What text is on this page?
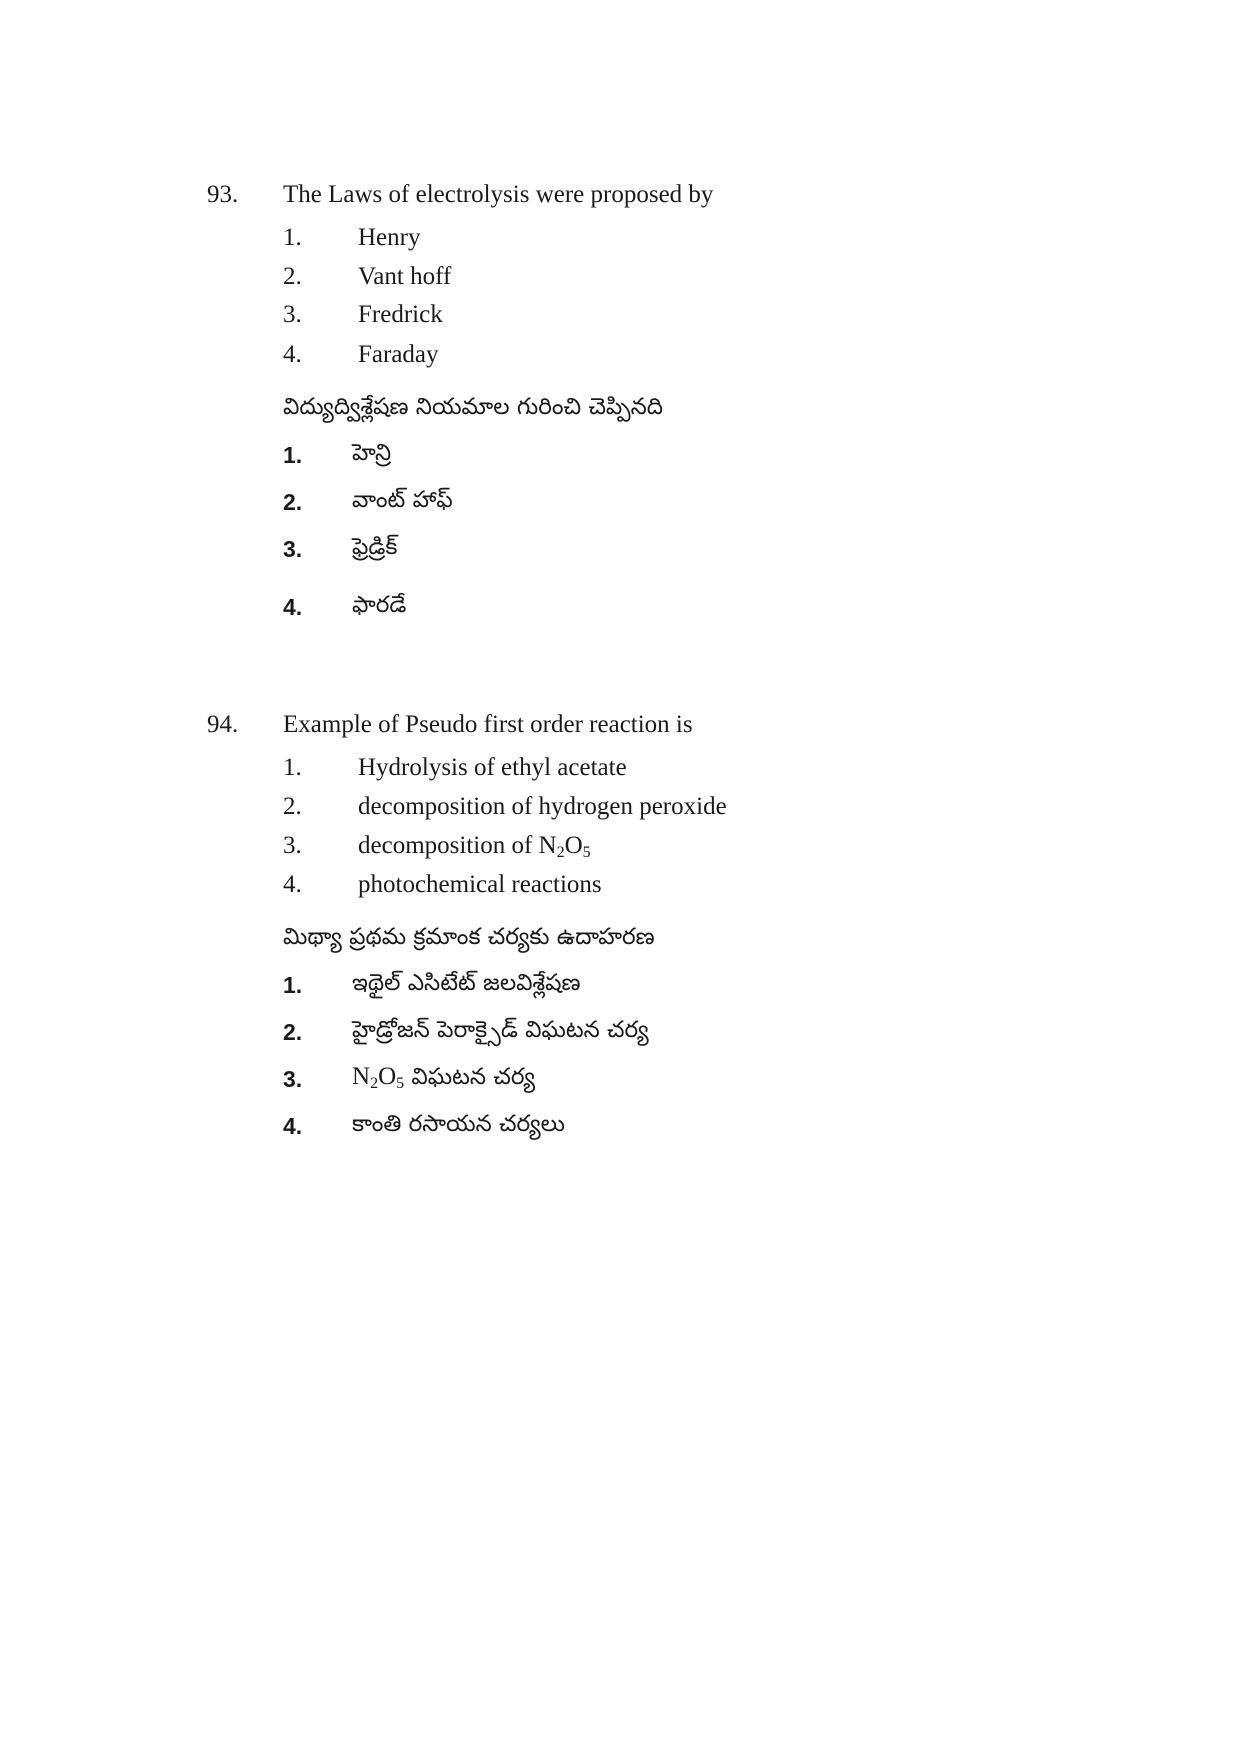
93. The Laws of electrolysis were proposed by
1. Henry
2. Vant hoff
3. Fredrick
4. Faraday
విద్యుద్విశ్లేషణ నియమాల గురించి చెప్పినది
1. హెన్రి
2. వాంట్ హాఫ్
3. ఫ్రెడ్రిక్
4. ఫారడే
94. Example of Pseudo first order reaction is
1. Hydrolysis of ethyl acetate
2. decomposition of hydrogen peroxide
3. decomposition of $N_2O_5$
4. photochemical reactions
మిథ్యా ప్రథమ క్రమాంక చర్యకు ఉదాహరణ
1. ఇథైల్ ఎసిటేట్ జలవిశ్లేషణ
2. హైడ్రోజన్ పెరాక్సైడ్ విఘటన చర్య
3. $N_2O_5$ విఘటన చర్య
4. కాంతి రసాయన చర్యలు
